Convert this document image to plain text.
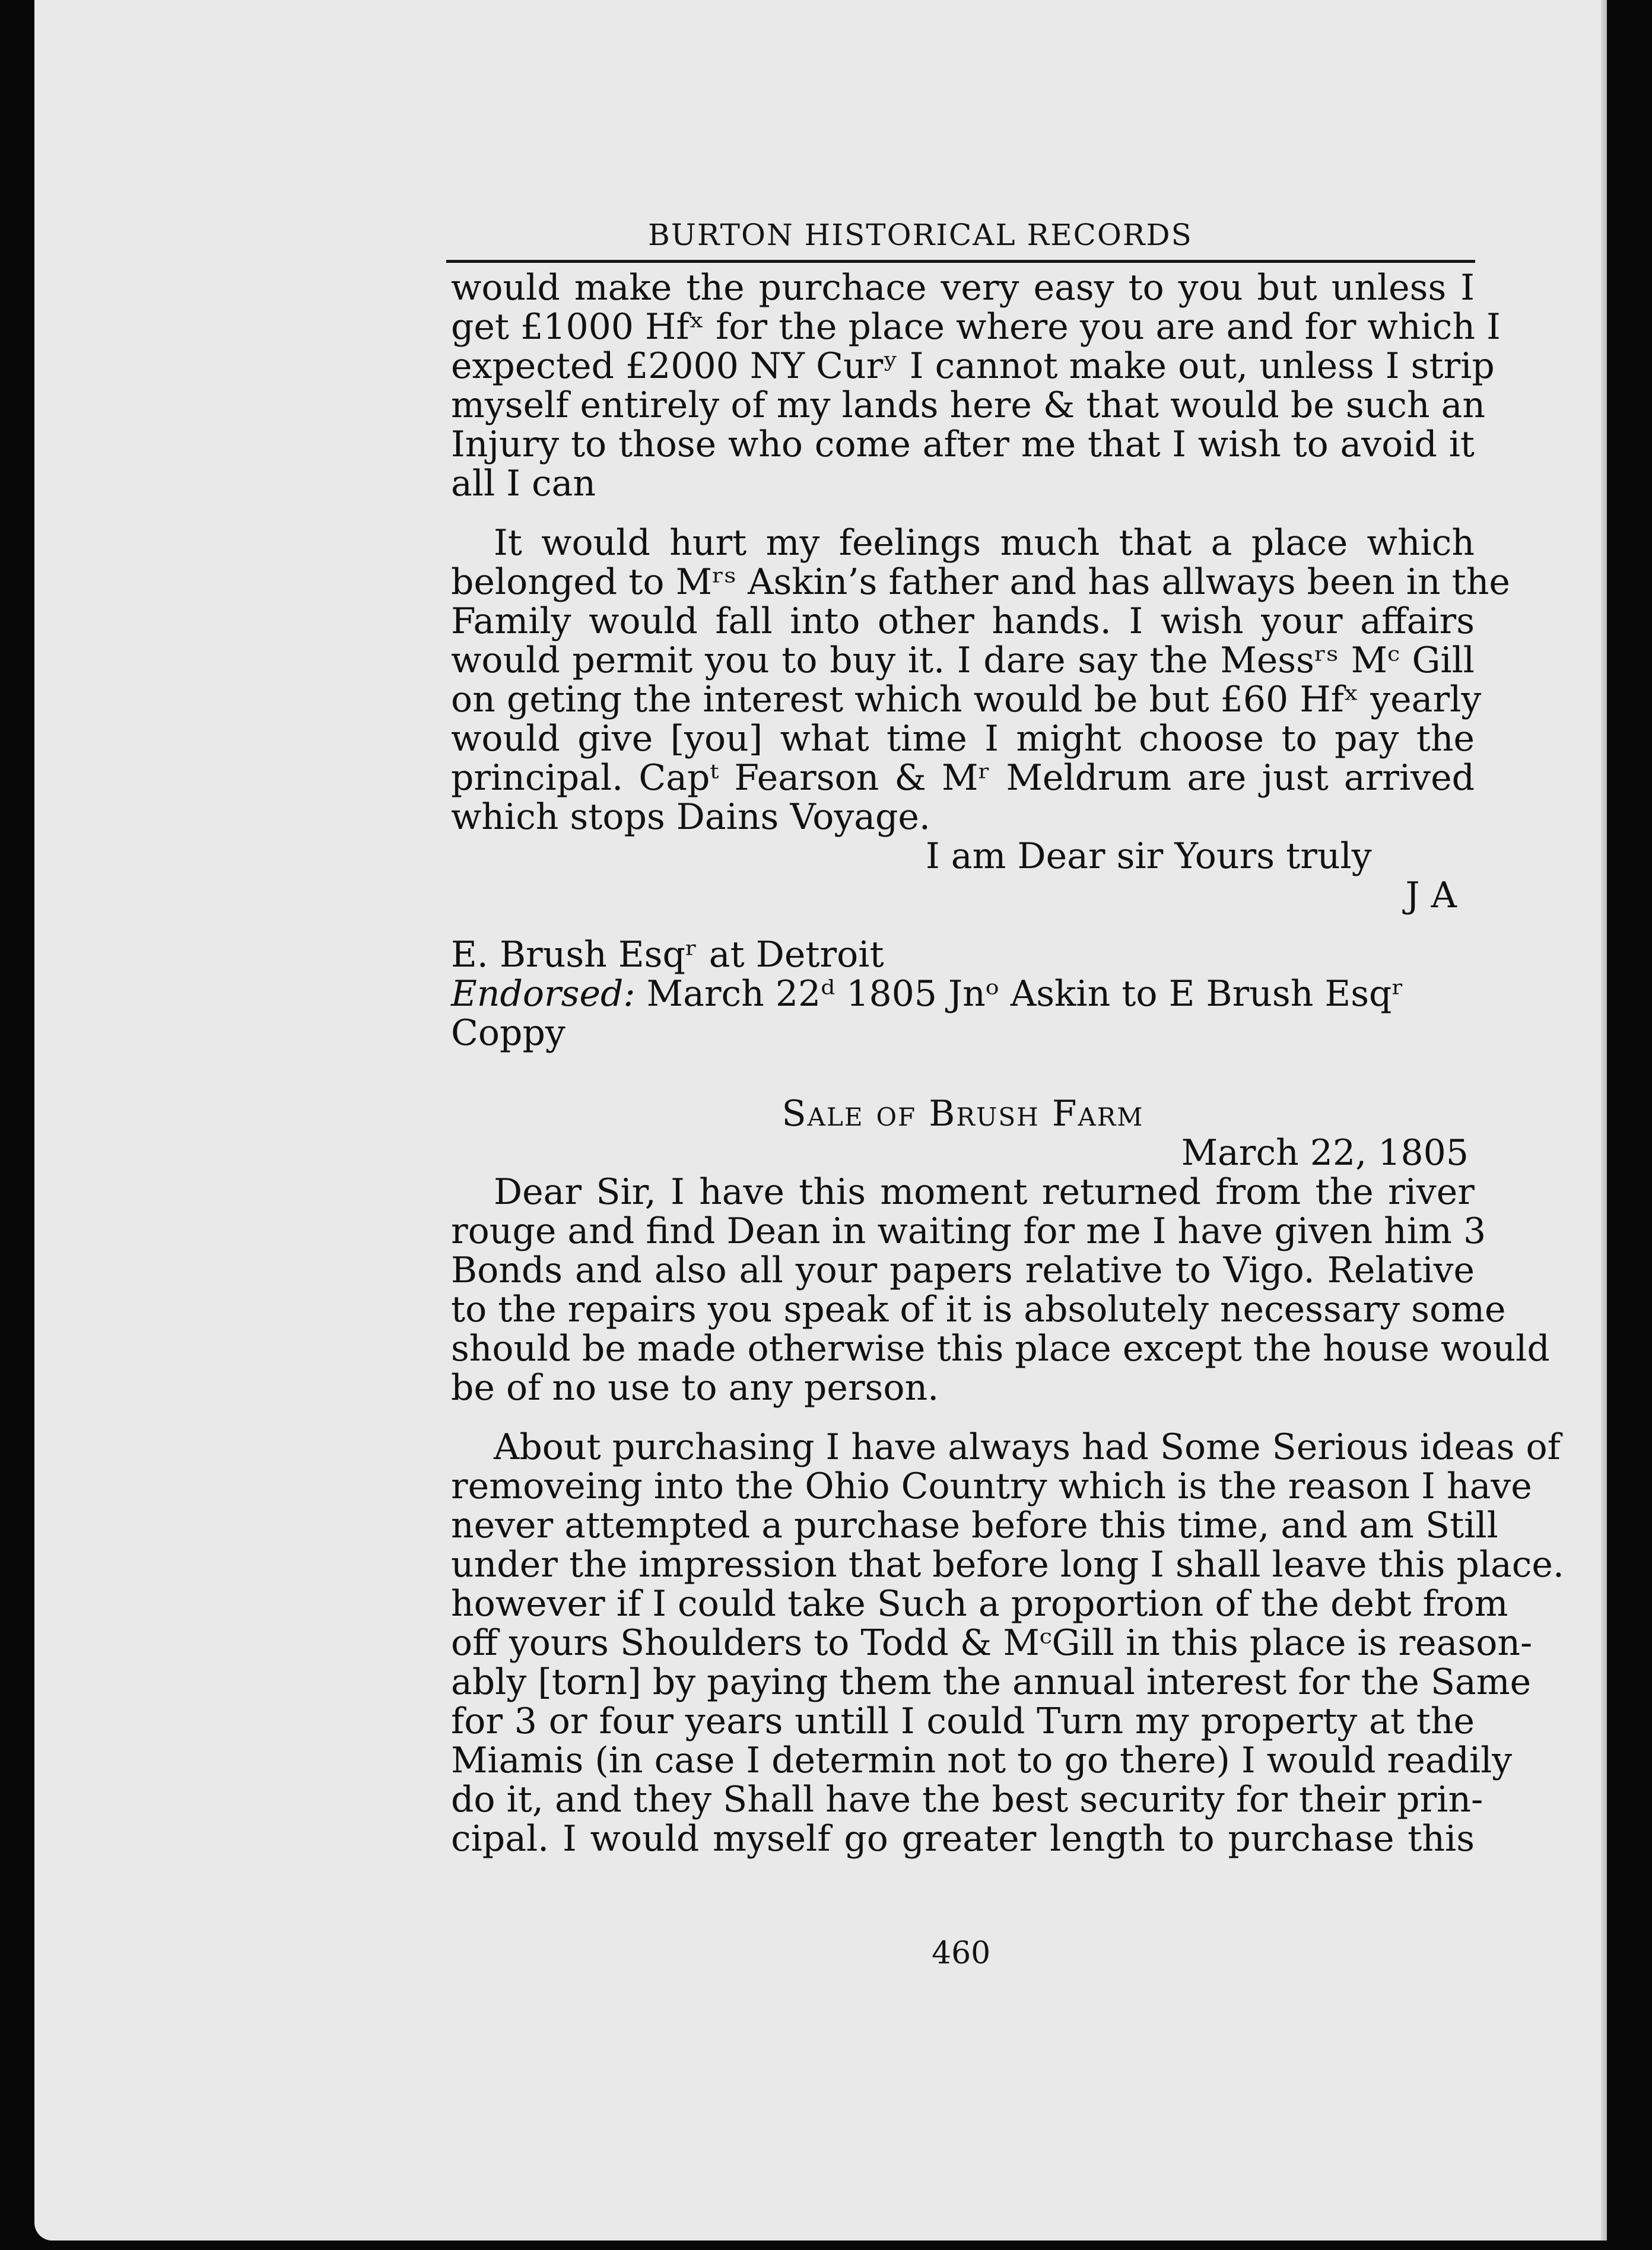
BURTON HISTORICAL RECORDS
would make the purchace very easy to you but unless I
get £1000 Hfˣ for the place where you are and for which I
expected £2000 NY Curʸ I cannot make out, unless I strip
myself entirely of my lands here & that would be such an
Injury to those who come after me that I wish to avoid it
all I can
It would hurt my feelings much that a place which
belonged to Mʳˢ Askin’s father and has allways been in the
Family would fall into other hands. I wish your affairs
would permit you to buy it. I dare say the Messʳˢ Mᶜ Gill
on geting the interest which would be but £60 Hfˣ yearly
would give [you] what time I might choose to pay the
principal. Capᵗ Fearson & Mʳ Meldrum are just arrived
which stops Dains Voyage.
I am Dear sir Yours truly
J A
E. Brush Esqʳ at Detroit
Endorsed: March 22ᵈ 1805 Jnᵒ Askin to E Brush Esqʳ
Coppy
Sale of Brush Farm
March 22, 1805
Dear Sir, I have this moment returned from the river
rouge and find Dean in waiting for me I have given him 3
Bonds and also all your papers relative to Vigo. Relative
to the repairs you speak of it is absolutely necessary some
should be made otherwise this place except the house would
be of no use to any person.
About purchasing I have always had Some Serious ideas of
removeing into the Ohio Country which is the reason I have
never attempted a purchase before this time, and am Still
under the impression that before long I shall leave this place.
however if I could take Such a proportion of the debt from
off yours Shoulders to Todd & MᶜGill in this place is reason-
ably [torn] by paying them the annual interest for the Same
for 3 or four years untill I could Turn my property at the
Miamis (in case I determin not to go there) I would readily
do it, and they Shall have the best security for their prin-
cipal. I would myself go greater length to purchase this
460
